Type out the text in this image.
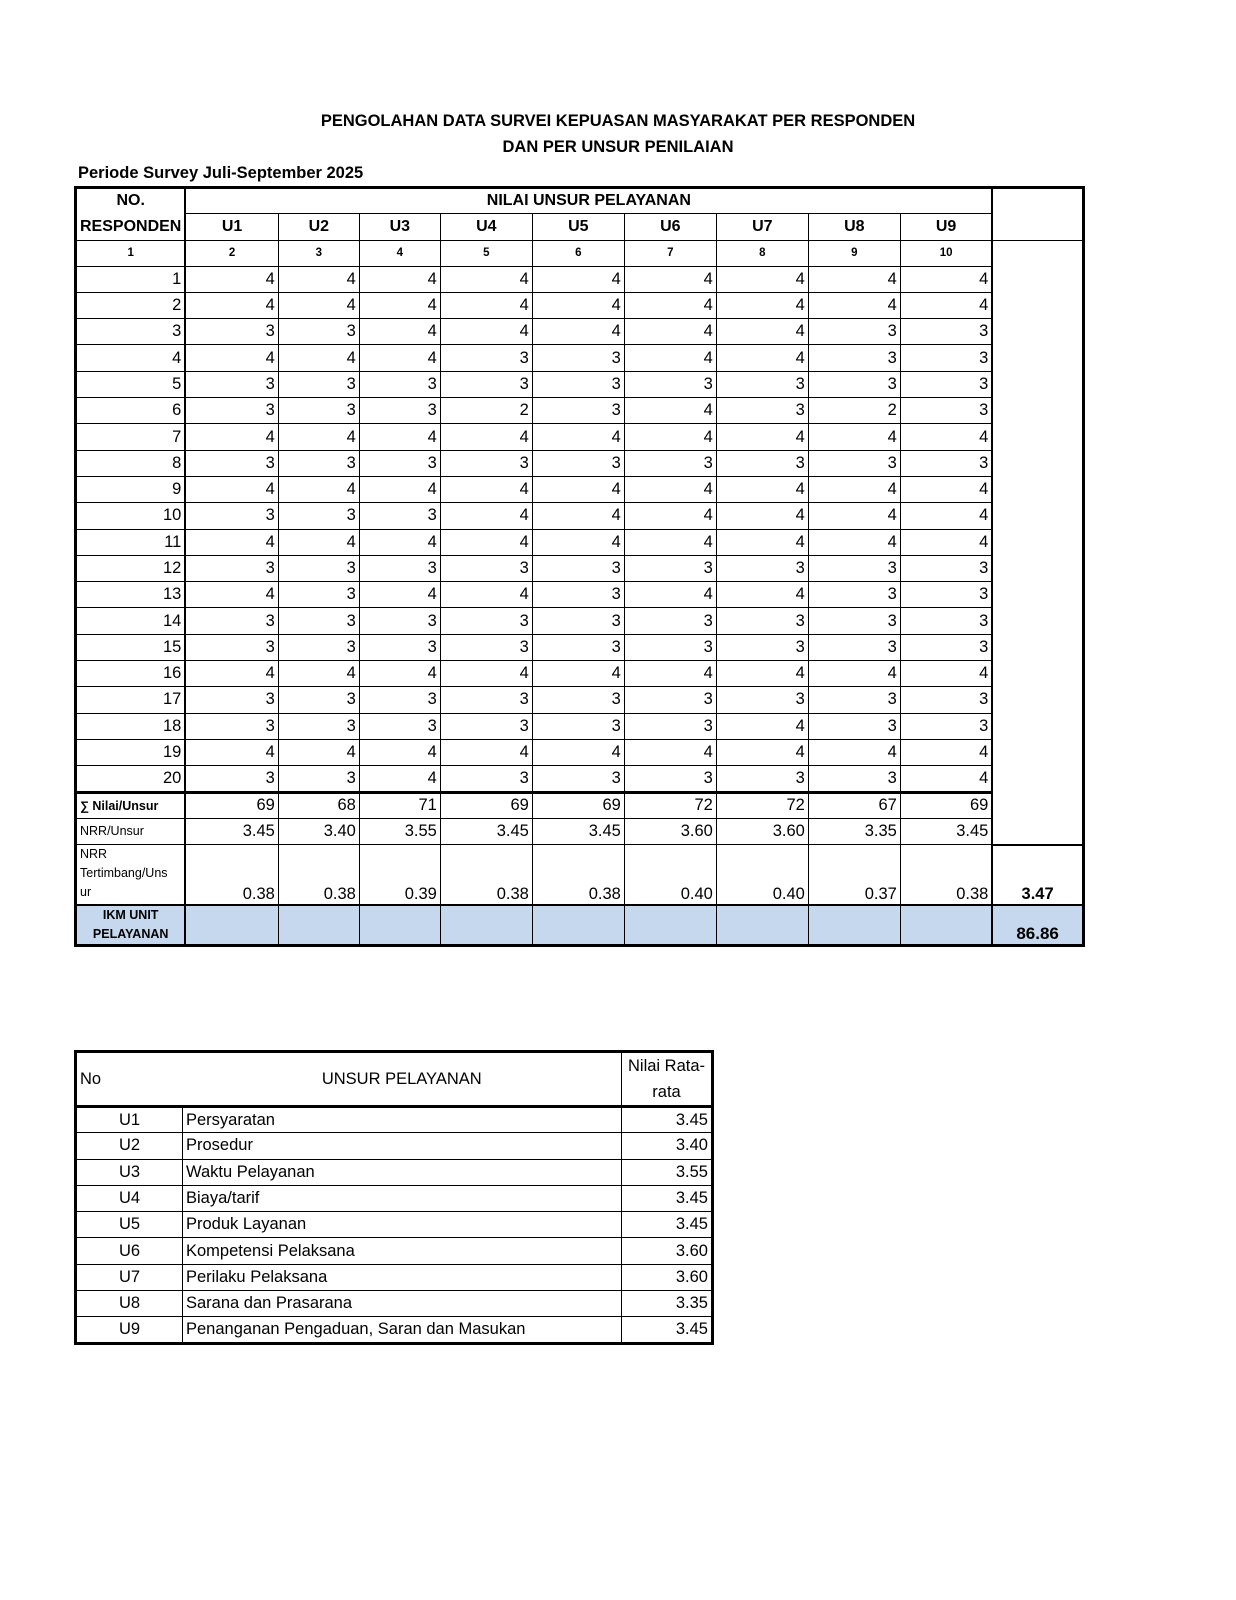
PENGOLAHAN DATA SURVEI KEPUASAN MASYARAKAT PER RESPONDEN
DAN PER UNSUR PENILAIAN
Periode Survey Juli-September 2025
NO.	NILAI UNSUR PELAYANAN									
RESPONDEN	U1	U2	U3	U4	U5	U6	U7	U8	U9	
1	2	3	4	5	6	7	8	9	10	
1	4	4	4	4	4	4	4	4	4	
2	4	4	4	4	4	4	4	4	4	
3	3	3	4	4	4	4	4	3	3	
4	4	4	4	3	3	4	4	3	3	
5	3	3	3	3	3	3	3	3	3	
6	3	3	3	2	3	4	3	2	3	
7	4	4	4	4	4	4	4	4	4	
8	3	3	3	3	3	3	3	3	3	
9	4	4	4	4	4	4	4	4	4	
10	3	3	3	4	4	4	4	4	4	
11	4	4	4	4	4	4	4	4	4	
12	3	3	3	3	3	3	3	3	3	
13	4	3	4	4	3	4	4	3	3	
14	3	3	3	3	3	3	3	3	3	
15	3	3	3	3	3	3	3	3	3	
16	4	4	4	4	4	4	4	4	4	
17	3	3	3	3	3	3	3	3	3	
18	3	3	3	3	3	3	4	3	3	
19	4	4	4	4	4	4	4	4	4	
20	3	3	4	3	3	3	3	3	4	
∑ Nilai/Unsur	69	68	71	69	69	72	72	67	69	
NRR/Unsur	3.45	3.40	3.55	3.45	3.45	3.60	3.60	3.35	3.45	
NRR
Tertimbang/Uns
ur	0.38	0.38	0.39	0.38	0.38	0.40	0.40	0.37	0.38	3.47
IKM UNIT
PELAYANAN										86.86
No	UNSUR PELAYANAN	Nilai Rata-
rata
U1	Persyaratan	3.45
U2	Prosedur	3.40
U3	Waktu Pelayanan	3.55
U4	Biaya/tarif	3.45
U5	Produk Layanan	3.45
U6	Kompetensi Pelaksana	3.60
U7	Perilaku Pelaksana	3.60
U8	Sarana dan Prasarana	3.35
U9	Penanganan Pengaduan, Saran dan Masukan	3.45
